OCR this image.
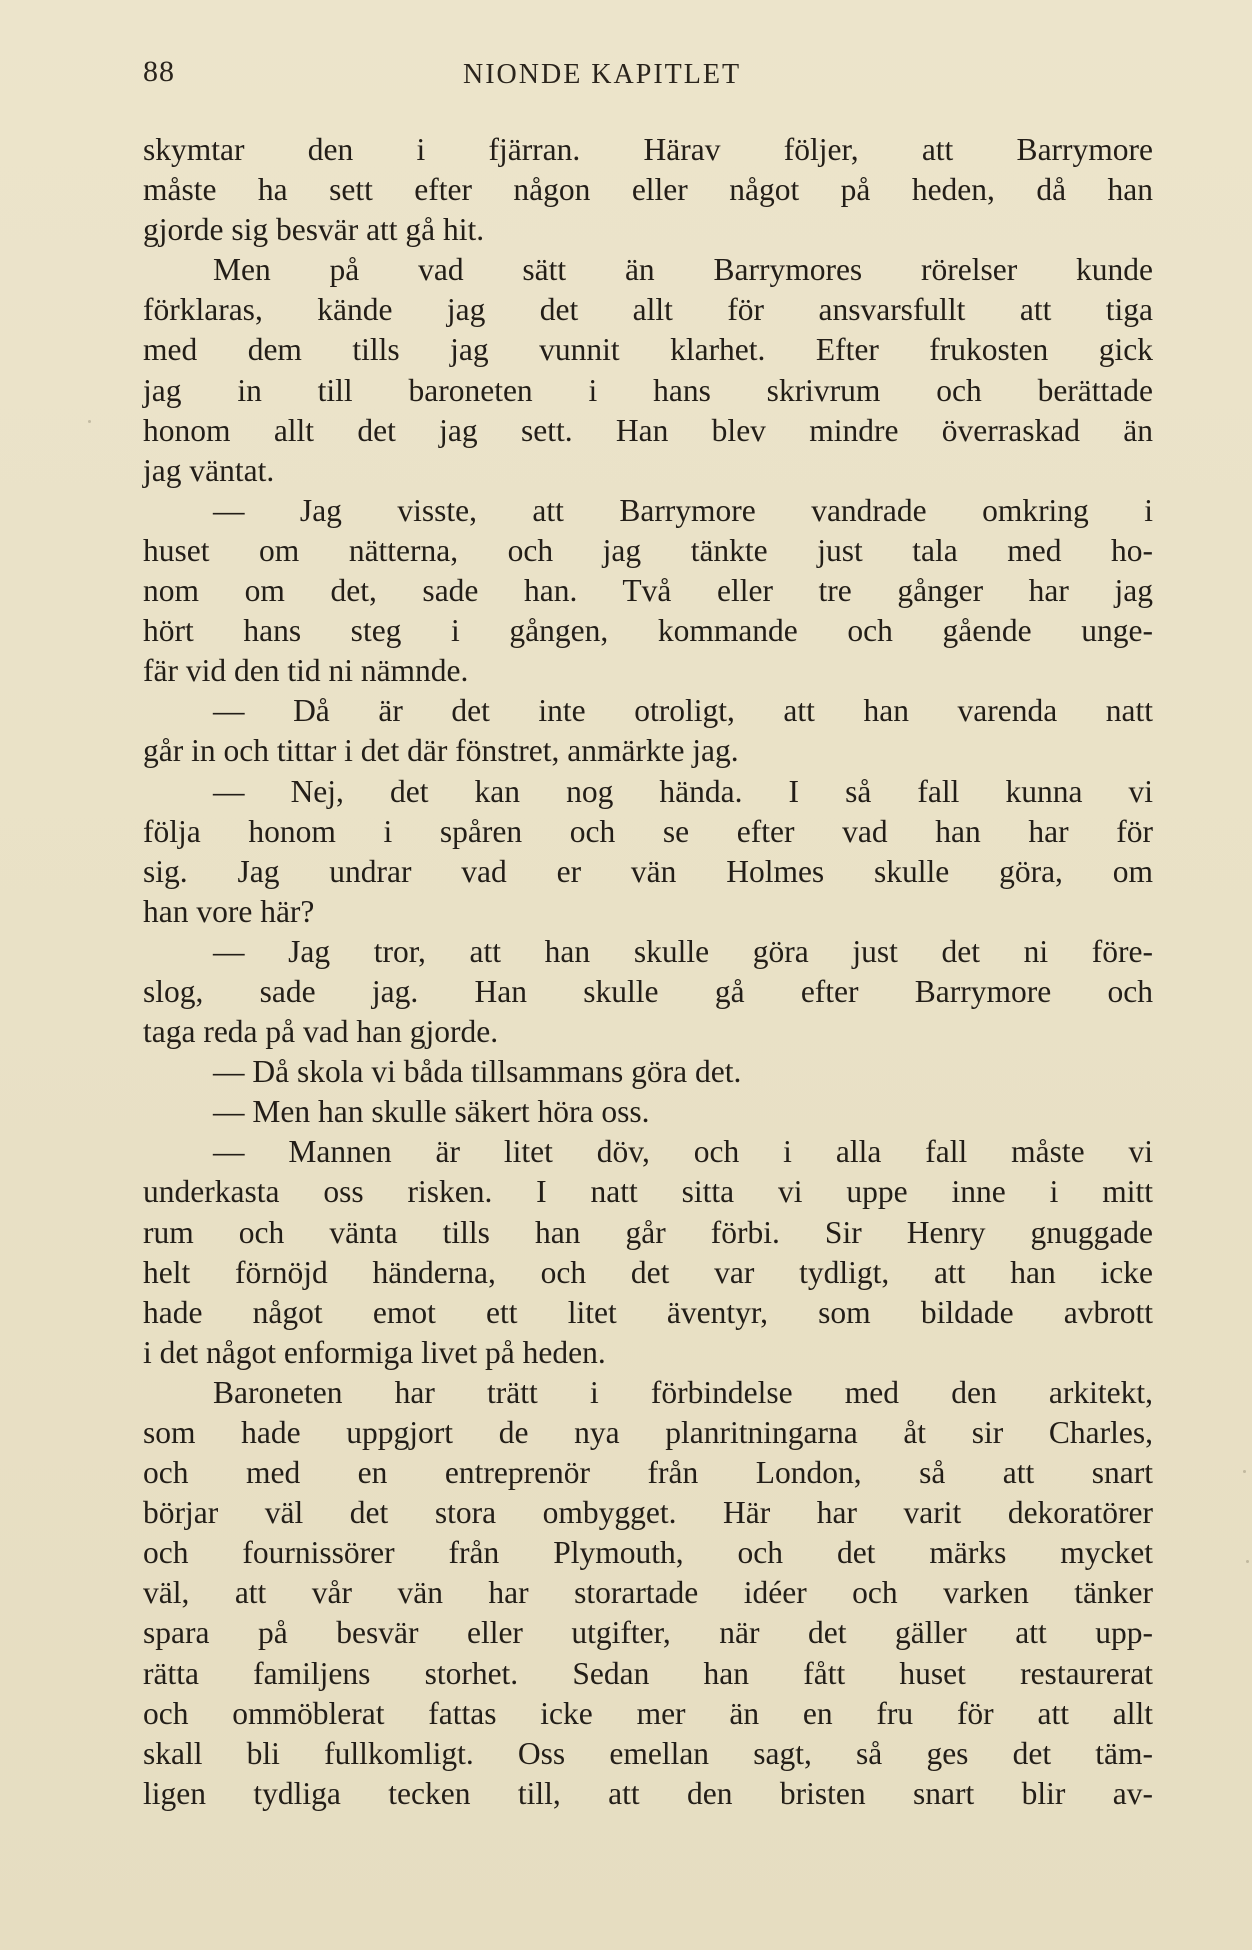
88	NIONDE KAPITLET
skymtar den i fjärran. Härav följer, att Barrymore
måste ha sett efter någon eller något på heden, då han
gjorde sig besvär att gå hit.
Men på vad sätt än Barrymores rörelser kunde
förklaras, kände jag det allt för ansvarsfullt att tiga
med dem tills jag vunnit klarhet. Efter frukosten gick
jag in till baroneten i hans skrivrum och berättade
honom allt det jag sett. Han blev mindre överraskad än
jag väntat.
— Jag visste, att Barrymore vandrade omkring i
huset om nätterna, och jag tänkte just tala med ho-
nom om det, sade han. Två eller tre gånger har jag
hört hans steg i gången, kommande och gående unge-
fär vid den tid ni nämnde.
— Då är det inte otroligt, att han varenda natt
går in och tittar i det där fönstret, anmärkte jag.
— Nej, det kan nog hända. I så fall kunna vi
följa honom i spåren och se efter vad han har för
sig. Jag undrar vad er vän Holmes skulle göra, om
han vore här?
— Jag tror, att han skulle göra just det ni före-
slog, sade jag. Han skulle gå efter Barrymore och
taga reda på vad han gjorde.
— Då skola vi båda tillsammans göra det.
— Men han skulle säkert höra oss.
— Mannen är litet döv, och i alla fall måste vi
underkasta oss risken. I natt sitta vi uppe inne i mitt
rum och vänta tills han går förbi. Sir Henry gnuggade
helt förnöjd händerna, och det var tydligt, att han icke
hade något emot ett litet äventyr, som bildade avbrott
i det något enformiga livet på heden.
Baroneten har trätt i förbindelse med den arkitekt,
som hade uppgjort de nya planritningarna åt sir Charles,
och med en entreprenör från London, så att snart
börjar väl det stora ombygget. Här har varit dekoratörer
och fournissörer från Plymouth, och det märks mycket
väl, att vår vän har storartade idéer och varken tänker
spara på besvär eller utgifter, när det gäller att upp-
rätta familjens storhet. Sedan han fått huset restaurerat
och ommöblerat fattas icke mer än en fru för att allt
skall bli fullkomligt. Oss emellan sagt, så ges det täm-
ligen tydliga tecken till, att den bristen snart blir av-
